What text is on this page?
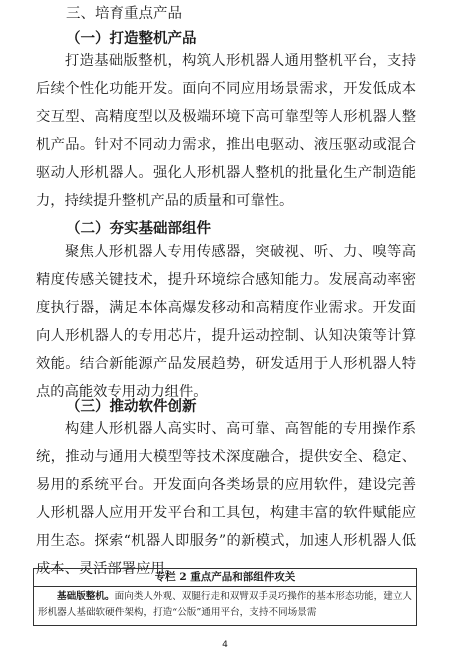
三、培育重点产品
（一）打造整机产品
打造基础版整机，构筑人形机器人通用整机平台，支持后续个性化功能开发。面向不同应用场景需求，开发低成本交互型、高精度型以及极端环境下高可靠型等人形机器人整机产品。针对不同动力需求，推出电驱动、液压驱动或混合驱动人形机器人。强化人形机器人整机的批量化生产制造能力，持续提升整机产品的质量和可靠性。
（二）夯实基础部组件
聚焦人形机器人专用传感器，突破视、听、力、嗅等高精度传感关键技术，提升环境综合感知能力。发展高动率密度执行器，满足本体高爆发移动和高精度作业需求。开发面向人形机器人的专用芯片，提升运动控制、认知决策等计算效能。结合新能源产品发展趋势，研发适用于人形机器人特点的高能效专用动力组件。
（三）推动软件创新
构建人形机器人高实时、高可靠、高智能的专用操作系统，推动与通用大模型等技术深度融合，提供安全、稳定、易用的系统平台。开发面向各类场景的应用软件，建设完善人形机器人应用开发平台和工具包，构建丰富的软件赋能应用生态。探索“机器人即服务”的新模式，加速人形机器人低成本、灵活部署应用。
专栏 2 重点产品和部组件攻关
基础版整机。面向类人外观、双腿行走和双臂双手灵巧操作的基本形态功能，建立人形机器人基础软硬件架构，打造“公版”通用平台，支持不同场景需
4
